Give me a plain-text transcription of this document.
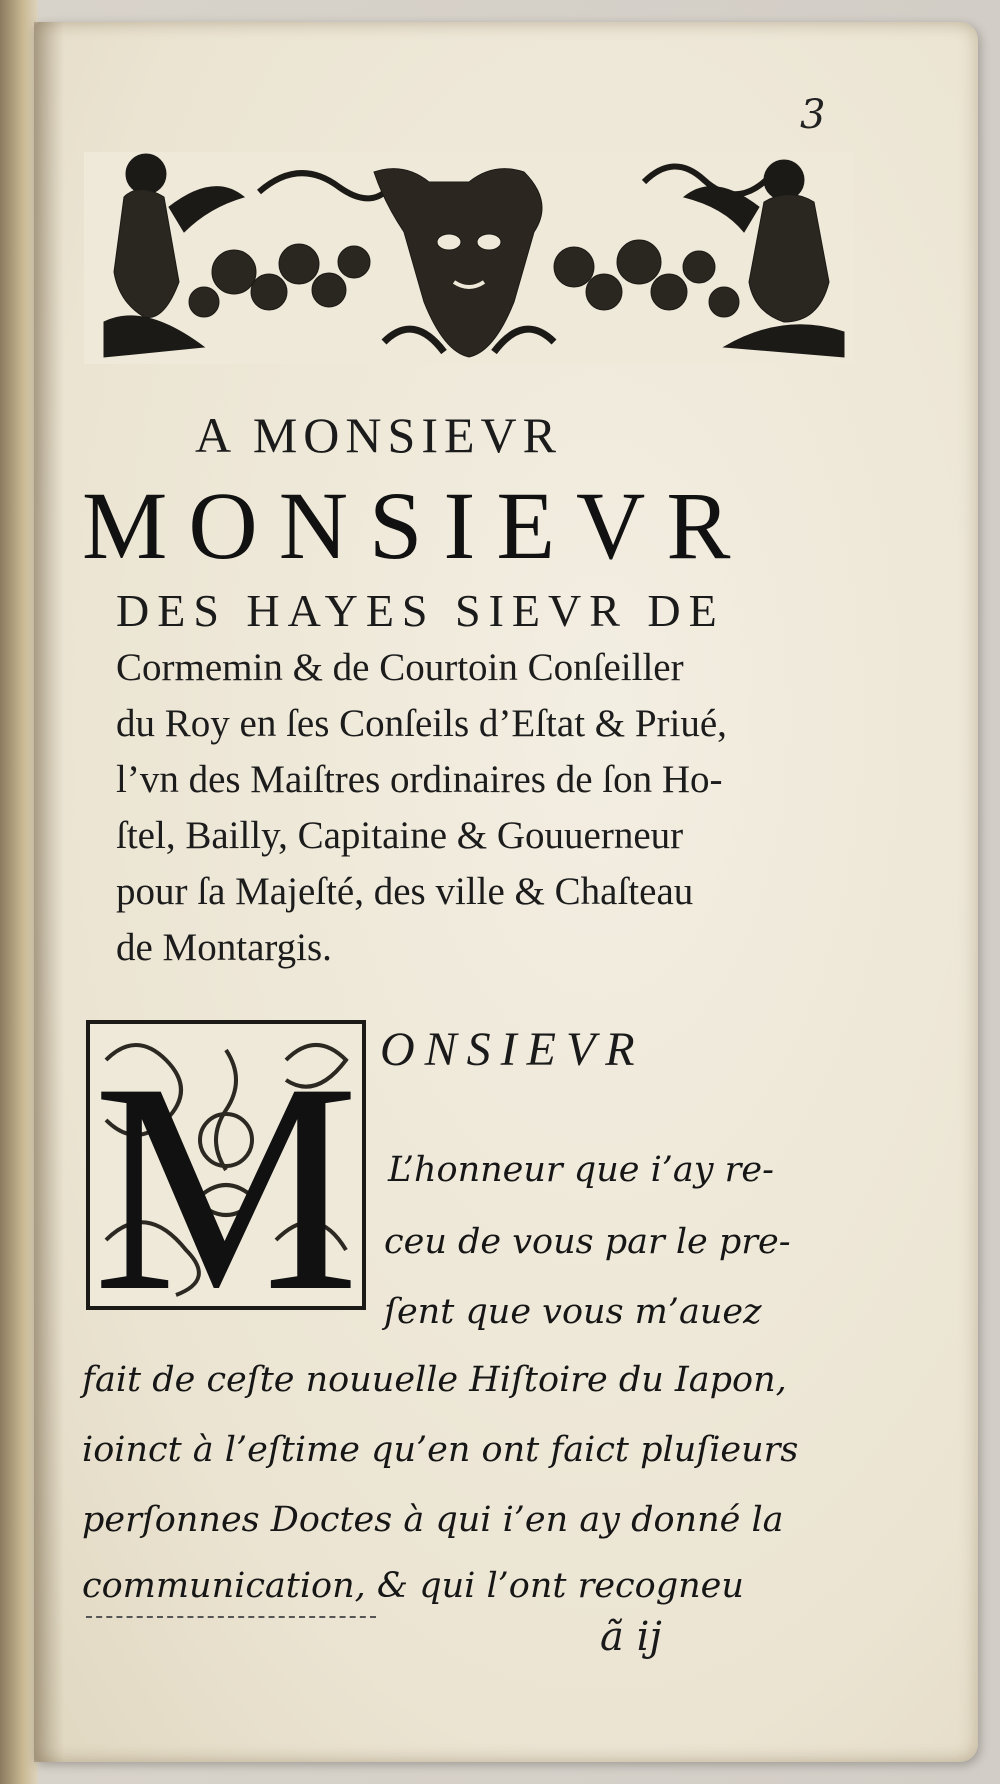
3
A MONSIEVR
MONSIEVR
DES HAYES SIEVR DE
Cormemin & de Courtoin Conſeiller
du Roy en ſes Conſeils d’Eſtat & Priué,
l’vn des Maiſtres ordinaires de ſon Ho-
ſtel, Bailly, Capitaine & Gouuerneur
pour ſa Majeſté, des ville & Chaſteau
de Montargis.
M ONSIEVR
L’honneur que i’ay re-
ceu de vous par le pre-
ſent que vous m’auez
fait de ceſte nouuelle Hiſtoire du Iapon,
ioinct à l’eſtime qu’en ont faict pluſieurs
perſonnes Doctes à qui i’en ay donné la
communication, & qui l’ont recogneu
ã ij
